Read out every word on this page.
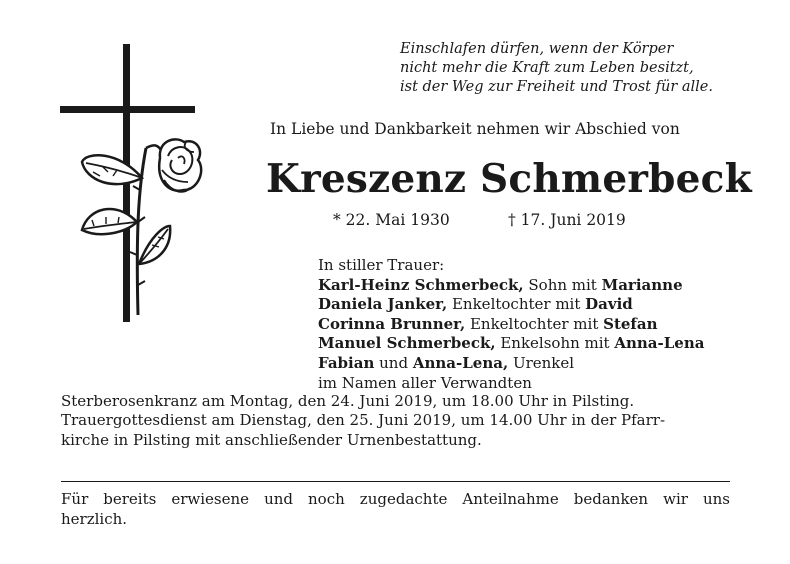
Einschlafen dürfen, wenn der Körper
nicht mehr die Kraft zum Leben besitzt,
ist der Weg zur Freiheit und Trost für alle.
In Liebe und Dankbarkeit nehmen wir Abschied von
Kreszenz Schmerbeck
* 22. Mai 1930	† 17. Juni 2019
In stiller Trauer:
Karl-Heinz Schmerbeck, Sohn mit Marianne
Daniela Janker, Enkeltochter mit David
Corinna Brunner, Enkeltochter mit Stefan
Manuel Schmerbeck, Enkelsohn mit Anna-Lena
Fabian und Anna-Lena, Urenkel
im Namen aller Verwandten
Sterberosenkranz am Montag, den 24. Juni 2019, um 18.00 Uhr in Pilsting.
Trauergottesdienst am Dienstag, den 25. Juni 2019, um 14.00 Uhr in der Pfarr-
kirche in Pilsting mit anschließender Urnenbestattung.
Für bereits erwiesene und noch zugedachte Anteilnahme bedanken wir uns
herzlich.
